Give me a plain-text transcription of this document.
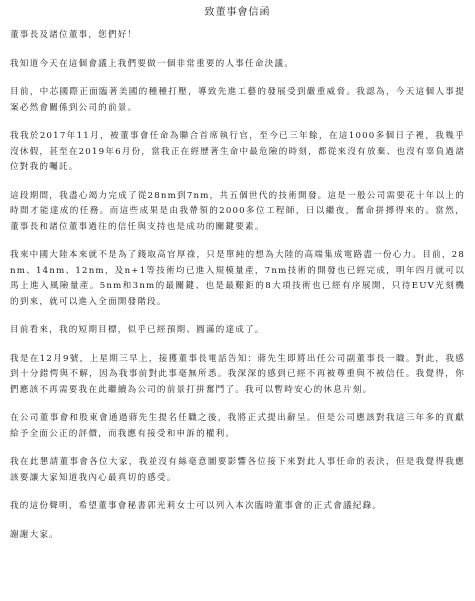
致董事會信函

董事長及諸位董事，您們好！

我知道今天在這個會議上我們要做一個非常重要的人事任命決議。

目前，中芯國際正面臨著美國的種種打壓，導致先進工藝的發展受到嚴重威脅。我認為，今天這個人事提案必然會關係到公司的前景。

我我於2017年11月，被董事會任命為聯合首席執行官，至今已三年餘，在這1000多個日子裡，我幾乎沒休假，甚至在2019年6月份，當我正在經歷著生命中最危險的時刻，都從來沒有放棄、也沒有辜負過諸位對我的囑託。

這段期間，我盡心竭力完成了從28nm到7nm，共五個世代的技術開發。這是一般公司需要花十年以上的時間才能達成的任務。而這些成果是由我帶領的2000多位工程師，日以繼夜，奮命拼搏得來的。當然，董事長和諸位董事過往的信任與支持也是成功的關鍵要素。

我來中國大陸本來就不是為了錢取高官厚祿，只是單純的想為大陸的高端集成電路盡一份心力。目前，28nm、14nm、12nm，及n+1等技術均已進入規模量產，7nm技術的開發也已經完成，明年四月就可以馬上進入風險量產。5nm和3nm的最關鍵、也是最艱鉅的8大項技術也已經有序展開，只待EUV光刻機的到來，就可以進入全面開發階段。

目前看來，我的短期目標，似乎已經預期、圓滿的達成了。

我是在12月9號，上星期三早上，接獲董事長電話告知：蔣先生即將出任公司副董事長一職。對此，我感到十分錯愕與不解，因為我事前對此事毫無所悉。我深深的感到已經不再被尊重與不被信任。我覺得，你們應該不再需要我在此繼續為公司的前景打拼奮鬥了。我可以暫時安心的休息片刻。

在公司董事會和股東會通過蔣先生提名任職之後，我將正式提出辭呈。但是公司應該對我這三年多的貢獻給予全面公正的評價，而我應有接受和申訴的權利。

我在此懇請董事會各位大家，我並沒有絲毫意圖要影響各位接下來對此人事任命的表決，但是我覺得我應該要讓大家知道我內心最真切的感受。

我的這份聲明，希望董事會秘書郭光莉女士可以列入本次臨時董事會的正式會議紀錄。

謝謝大家。
